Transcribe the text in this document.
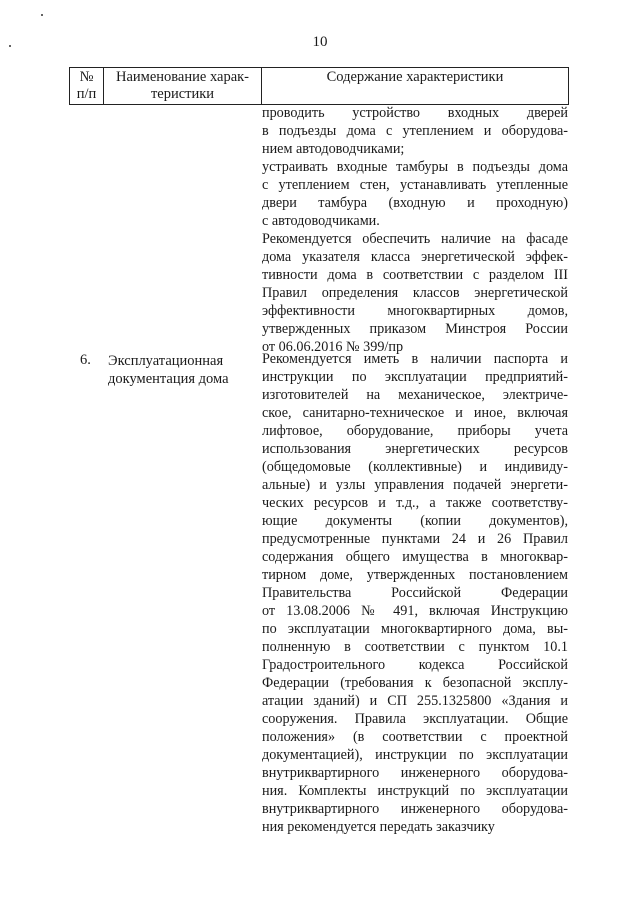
10
№
п/п
Наименование харак-
теристики
Содержание характеристики
проводить устройство входных дверей
в подъезды дома с утеплением и оборудова-
нием автодоводчиками;
устраивать входные тамбуры в подъезды дома
с утеплением стен, устанавливать утепленные
двери тамбура (входную и проходную)
с автодоводчиками.
Рекомендуется обеспечить наличие на фасаде
дома указателя класса энергетической эффек-
тивности дома в соответствии с разделом III
Правил определения классов энергетической
эффективности многоквартирных домов,
утвержденных приказом Минстроя России
от 06.06.2016 № 399/пр
6. Эксплуатационная
документация дома
Рекомендуется иметь в наличии паспорта и
инструкции по эксплуатации предприятий-
изготовителей на механическое, электриче-
ское, санитарно-техническое и иное, включая
лифтовое, оборудование, приборы учета
использования энергетических ресурсов
(общедомовые (коллективные) и индивиду-
альные) и узлы управления подачей энергети-
ческих ресурсов и т.д., а также соответству-
ющие документы (копии документов),
предусмотренные пунктами 24 и 26 Правил
содержания общего имущества в многоквар-
тирном доме, утвержденных постановлением
Правительства Российской Федерации
от 13.08.2006 № 491, включая Инструкцию
по эксплуатации многоквартирного дома, вы-
полненную в соответствии с пунктом 10.1
Градостроительного кодекса Российской
Федерации (требования к безопасной эксплу-
атации зданий) и СП 255.1325800 «Здания и
сооружения. Правила эксплуатации. Общие
положения» (в соответствии с проектной
документацией), инструкции по эксплуатации
внутриквартирного инженерного оборудова-
ния. Комплекты инструкций по эксплуатации
внутриквартирного инженерного оборудова-
ния рекомендуется передать заказчику
